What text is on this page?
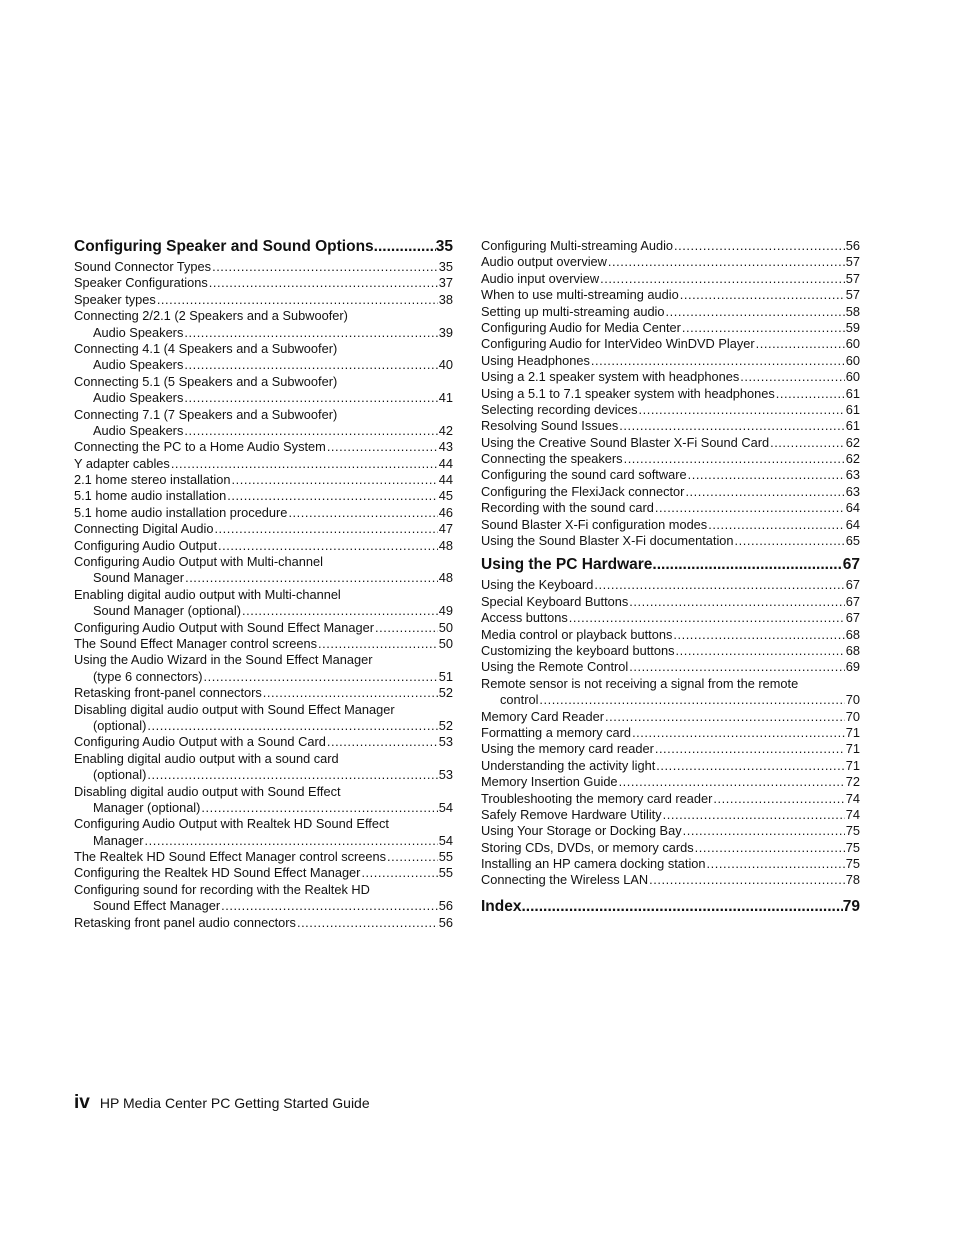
Configuring Speaker and Sound Options .....	35
Sound Connector Types . . .	35
Speaker Configurations . . .	37
Speaker types . . .	38
Connecting 2/2.1 (2 Speakers and a Subwoofer)
Audio Speakers . . .	39
Connecting 4.1 (4 Speakers and a Subwoofer)
Audio Speakers . . .	40
Connecting 5.1 (5 Speakers and a Subwoofer)
Audio Speakers . . .	41
Connecting 7.1 (7 Speakers and a Subwoofer)
Audio Speakers . . .	42
Connecting the PC to a Home Audio System . . .	43
Y adapter cables . . .	44
2.1 home stereo installation . . .	44
5.1 home audio installation . . .	45
5.1 home audio installation procedure . . .	46
Connecting Digital Audio . . .	47
Configuring Audio Output . . .	48
Configuring Audio Output with Multi-channel
Sound Manager . . .	48
Enabling digital audio output with Multi-channel
Sound Manager (optional) . . .	49
Configuring Audio Output with Sound Effect Manager . . .	50
The Sound Effect Manager control screens . . .	50
Using the Audio Wizard in the Sound Effect Manager
(type 6 connectors) . . .	51
Retasking front-panel connectors . . .	52
Disabling digital audio output with Sound Effect Manager
(optional) . . .	52
Configuring Audio Output with a Sound Card . . .	53
Enabling digital audio output with a sound card
(optional) . . .	53
Disabling digital audio output with Sound Effect
Manager (optional) . . .	54
Configuring Audio Output with Realtek HD Sound Effect
Manager . . .	54
The Realtek HD Sound Effect Manager control screens . . .	55
Configuring the Realtek HD Sound Effect Manager . . .	55
Configuring sound for recording with the Realtek HD
Sound Effect Manager . . .	56
Retasking front panel audio connectors . . .	56
Configuring Multi-streaming Audio . . .	56
Audio output overview . . .	57
Audio input overview . . .	57
When to use multi-streaming audio . . .	57
Setting up multi-streaming audio . . .	58
Configuring Audio for Media Center . . .	59
Configuring Audio for InterVideo WinDVD Player . . .	60
Using Headphones . . .	60
Using a 2.1 speaker system with headphones . . .	60
Using a 5.1 to 7.1 speaker system with headphones . . .	61
Selecting recording devices . . .	61
Resolving Sound Issues . . .	61
Using the Creative Sound Blaster X-Fi Sound Card . . .	62
Connecting the speakers . . .	62
Configuring the sound card software . . .	63
Configuring the FlexiJack connector . . .	63
Recording with the sound card . . .	64
Sound Blaster X-Fi configuration modes . . .	64
Using the Sound Blaster X-Fi documentation . . .	65
Using the PC Hardware .....	67
Using the Keyboard . . .	67
Special Keyboard Buttons . . .	67
Access buttons . . .	67
Media control or playback buttons . . .	68
Customizing the keyboard buttons . . .	68
Using the Remote Control . . .	69
Remote sensor is not receiving a signal from the remote
control . . .	70
Memory Card Reader . . .	70
Formatting a memory card . . .	71
Using the memory card reader . . .	71
Understanding the activity light . . .	71
Memory Insertion Guide . . .	72
Troubleshooting the memory card reader . . .	74
Safely Remove Hardware Utility . . .	74
Using Your Storage or Docking Bay . . .	75
Storing CDs, DVDs, or memory cards . . .	75
Installing an HP camera docking station . . .	75
Connecting the Wireless LAN . . .	78
Index .....	79
iv HP Media Center PC Getting Started Guide
